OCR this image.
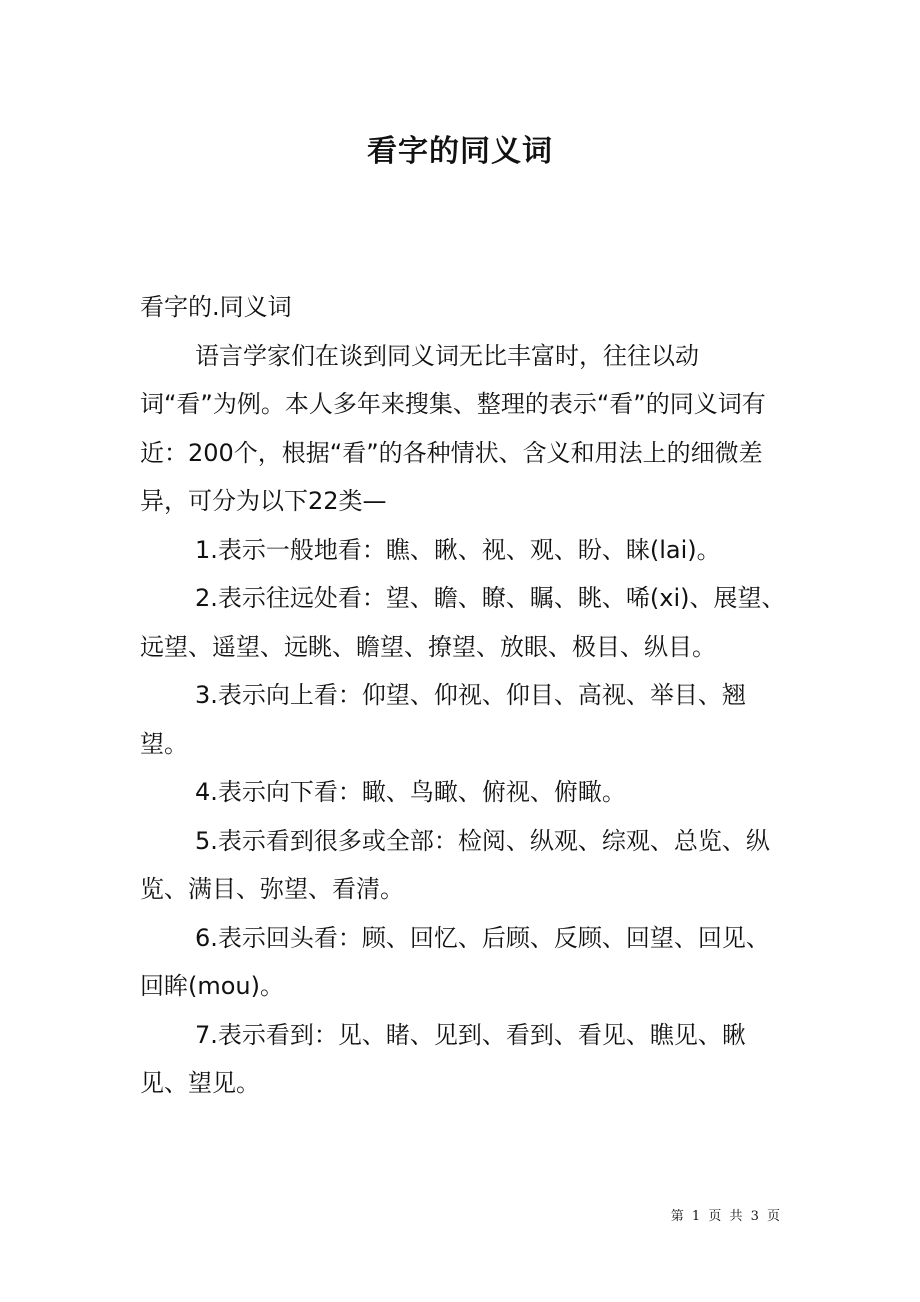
看字的同义词

看字的.同义词

语言学家们在谈到同义词无比丰富时，往往以动词“看”为例。本人多年来搜集、整理的表示“看”的同义词有近：200个，根据“看”的各种情状、含义和用法上的细微差异，可分为以下22类—

1.表示一般地看：瞧、瞅、视、观、盼、睐(lai)。

2.表示往远处看：望、瞻、瞭、瞩、眺、唏(xi)、展望、远望、遥望、远眺、瞻望、撩望、放眼、极目、纵目。

3.表示向上看：仰望、仰视、仰目、高视、举目、翘望。

4.表示向下看：瞰、鸟瞰、俯视、俯瞰。

5.表示看到很多或全部：检阅、纵观、综观、总览、纵览、满目、弥望、看清。

6.表示回头看：顾、回忆、后顾、反顾、回望、回见、回眸(mou)。

7.表示看到：见、睹、见到、看到、看见、瞧见、瞅见、望见。

第 1 页 共 3 页
